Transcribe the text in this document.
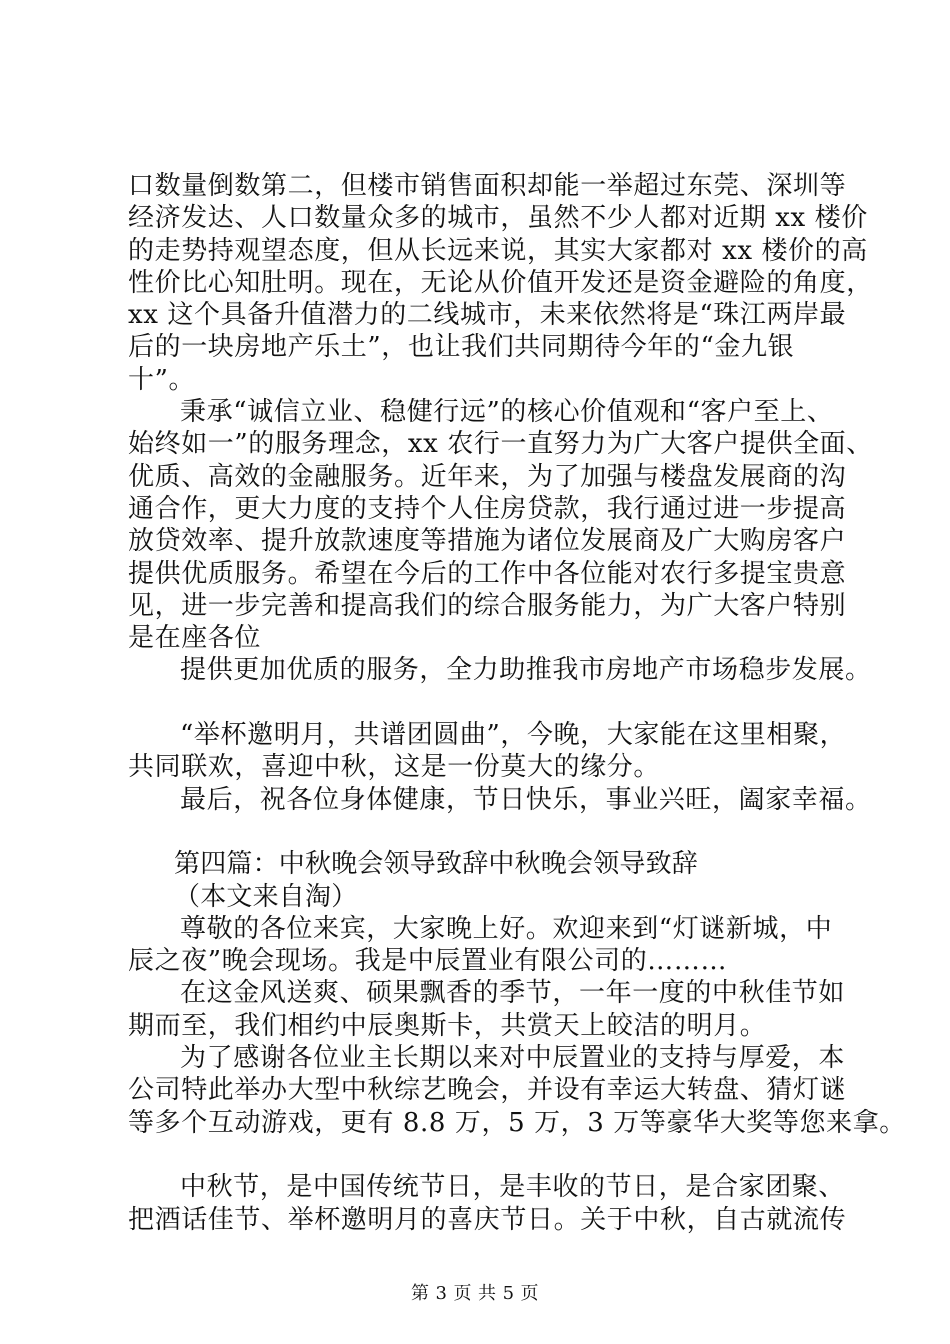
口数量倒数第二，但楼市销售面积却能一举超过东莞、深圳等
经济发达、人口数量众多的城市，虽然不少人都对近期 xx 楼价
的走势持观望态度，但从长远来说，其实大家都对 xx 楼价的高
性价比心知肚明。现在，无论从价值开发还是资金避险的角度，
xx 这个具备升值潜力的二线城市，未来依然将是“珠江两岸最
后的一块房地产乐土”，也让我们共同期待今年的“金九银
十”。
秉承“诚信立业、稳健行远”的核心价值观和“客户至上、
始终如一”的服务理念，xx 农行一直努力为广大客户提供全面、
优质、高效的金融服务。近年来，为了加强与楼盘发展商的沟
通合作，更大力度的支持个人住房贷款，我行通过进一步提高
放贷效率、提升放款速度等措施为诸位发展商及广大购房客户
提供优质服务。希望在今后的工作中各位能对农行多提宝贵意
见，进一步完善和提高我们的综合服务能力，为广大客户特别
是在座各位
提供更加优质的服务，全力助推我市房地产市场稳步发展。
“举杯邀明月，共谱团圆曲”，今晚，大家能在这里相聚，
共同联欢，喜迎中秋，这是一份莫大的缘分。
最后，祝各位身体健康，节日快乐，事业兴旺，阖家幸福。
第四篇：中秋晚会领导致辞中秋晚会领导致辞
（本文来自淘）
尊敬的各位来宾，大家晚上好。欢迎来到“灯谜新城，中
辰之夜”晚会现场。我是中辰置业有限公司的………
在这金风送爽、硕果飘香的季节，一年一度的中秋佳节如
期而至，我们相约中辰奥斯卡，共赏天上皎洁的明月。
为了感谢各位业主长期以来对中辰置业的支持与厚爱，本
公司特此举办大型中秋综艺晚会，并设有幸运大转盘、猜灯谜
等多个互动游戏，更有 8.8 万，5 万，3 万等豪华大奖等您来拿。
中秋节，是中国传统节日，是丰收的节日，是合家团聚、
把酒话佳节、举杯邀明月的喜庆节日。关于中秋，自古就流传
第 3 页 共 5 页
